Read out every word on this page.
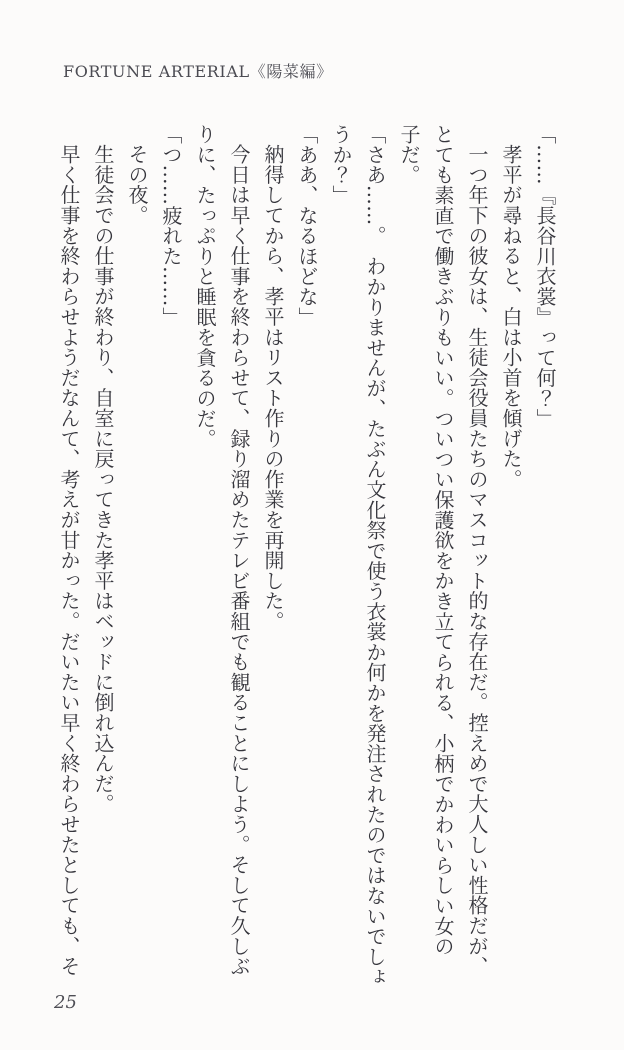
FORTUNE ARTERIAL《陽菜編》
「……『長谷川衣裳』って何？」
孝平が尋ねると、白は小首を傾げた。
一つ年下の彼女は、生徒会役員たちのマスコット的な存在だ。控えめで大人しい性格だが、
とても素直で働きぶりもいい。ついつい保護欲をかき立てられる、小柄でかわいらしい女の
子だ。
「さあ……。　わかりませんが、たぶん文化祭で使う衣裳か何かを発注されたのではないでしょ
うか？」
「ああ、なるほどな」
納得してから、孝平はリスト作りの作業を再開した。
今日は早く仕事を終わらせて、録り溜めたテレビ番組でも観ることにしよう。そして久しぶ
りに、たっぷりと睡眠を貪るのだ。
「つ……疲れた……」
その夜。
生徒会での仕事が終わり、自室に戻ってきた孝平はベッドに倒れ込んだ。
早く仕事を終わらせようだなんて、考えが甘かった。だいたい早く終わらせたとしても、そ
25
